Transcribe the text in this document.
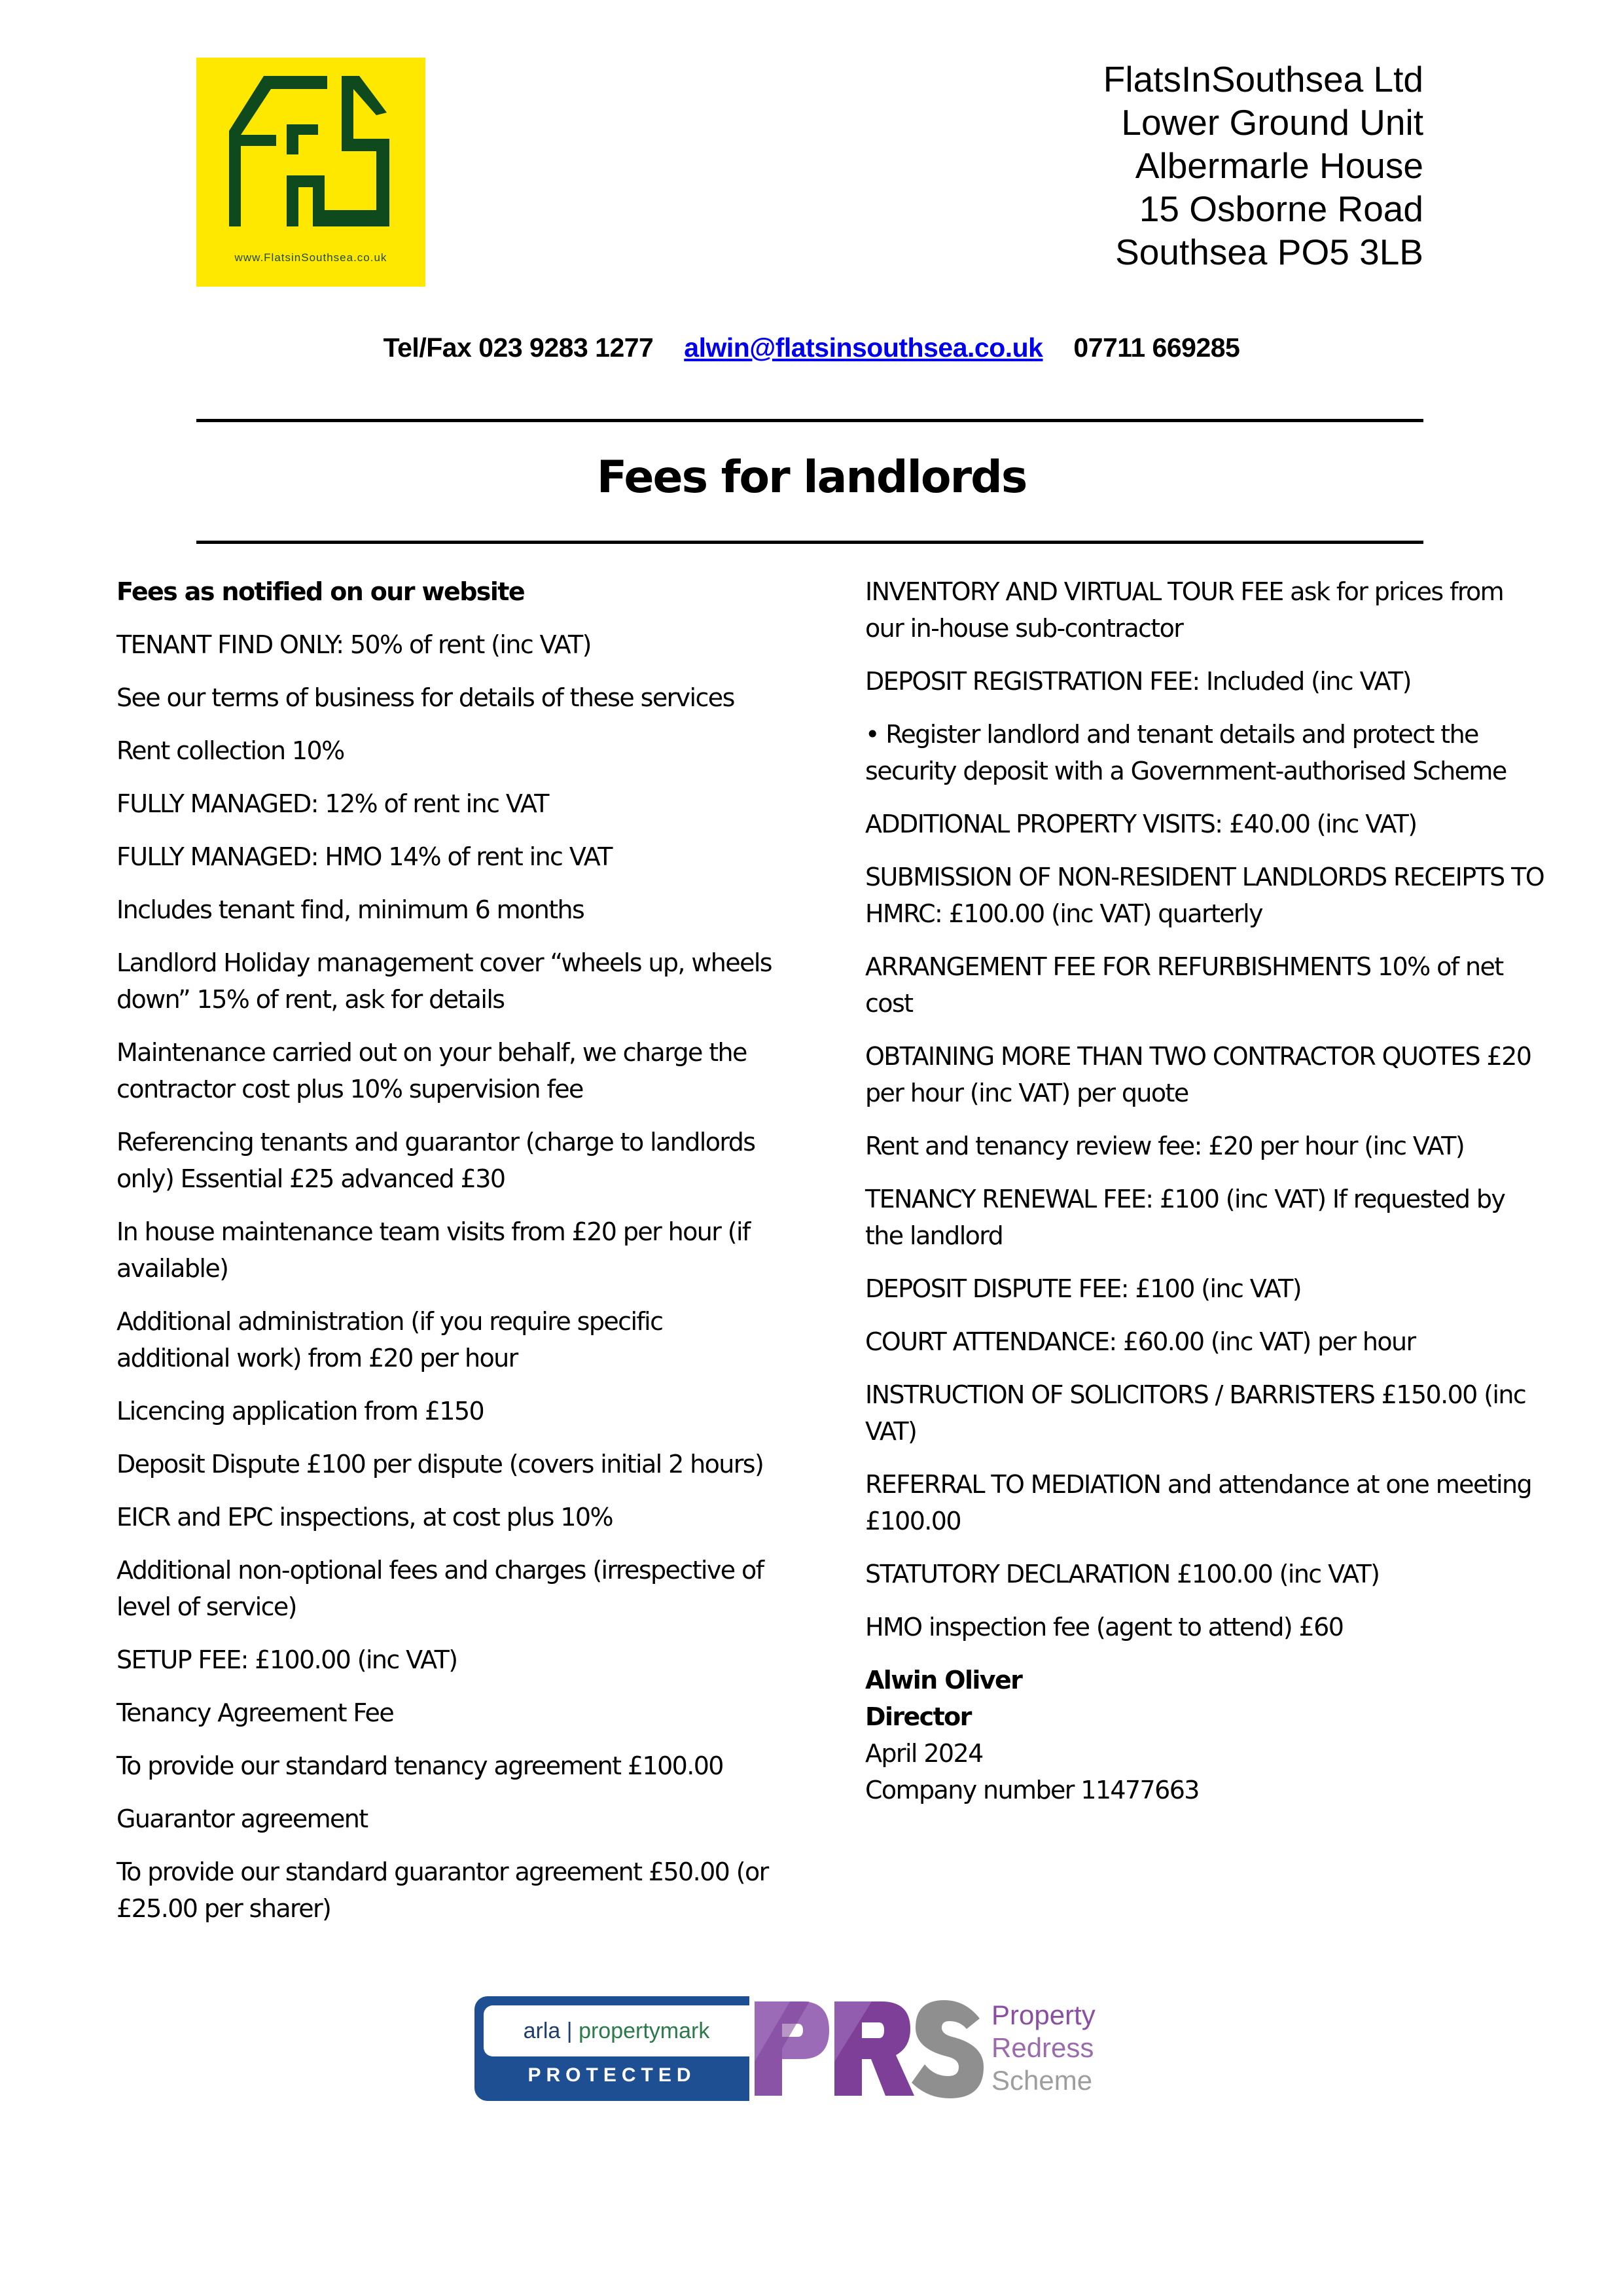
www.FlatsinSouthsea.co.uk
FlatsInSouthsea Ltd
Lower Ground Unit
Albermarle House
15 Osborne Road
Southsea PO5 3LB
Tel/Fax 023 9283 1277 alwin@flatsinsouthsea.co.uk 07711 669285
Fees for landlords

Fees as notified on our website

TENANT FIND ONLY: 50% of rent (inc VAT)

See our terms of business for details of these services

Rent collection 10%

FULLY MANAGED: 12% of rent inc VAT

FULLY MANAGED: HMO 14% of rent inc VAT

Includes tenant find, minimum 6 months

Landlord Holiday management cover “wheels up, wheels down” 15% of rent, ask for details

Maintenance carried out on your behalf, we charge the contractor cost plus 10% supervision fee

Referencing tenants and guarantor (charge to landlords only) Essential £25 advanced £30

In house maintenance team visits from £20 per hour (if available)

Additional administration (if you require specific additional work) from £20 per hour

Licencing application from £150

Deposit Dispute £100 per dispute (covers initial 2 hours)

EICR and EPC inspections, at cost plus 10%

Additional non-optional fees and charges (irrespective of level of service)

SETUP FEE: £100.00 (inc VAT)

Tenancy Agreement Fee

To provide our standard tenancy agreement £100.00

Guarantor agreement

To provide our standard guarantor agreement £50.00 (or £25.00 per sharer)

INVENTORY AND VIRTUAL TOUR FEE ask for prices from our in-house sub-contractor

DEPOSIT REGISTRATION FEE: Included (inc VAT)

• Register landlord and tenant details and protect the security deposit with a Government-authorised Scheme

ADDITIONAL PROPERTY VISITS: £40.00 (inc VAT)

SUBMISSION OF NON-RESIDENT LANDLORDS RECEIPTS TO HMRC: £100.00 (inc VAT) quarterly

ARRANGEMENT FEE FOR REFURBISHMENTS 10% of net cost

OBTAINING MORE THAN TWO CONTRACTOR QUOTES £20 per hour (inc VAT) per quote

Rent and tenancy review fee: £20 per hour (inc VAT)

TENANCY RENEWAL FEE: £100 (inc VAT) If requested by the landlord

DEPOSIT DISPUTE FEE: £100 (inc VAT)

COURT ATTENDANCE: £60.00 (inc VAT) per hour

INSTRUCTION OF SOLICITORS / BARRISTERS £150.00 (inc VAT)

REFERRAL TO MEDIATION and attendance at one meeting £100.00

STATUTORY DECLARATION £100.00 (inc VAT)

HMO inspection fee (agent to attend) £60

Alwin Oliver

Director

April 2024

Company number 11477663

arla | propertymark
PROTECTED
Property
Redress
Scheme
